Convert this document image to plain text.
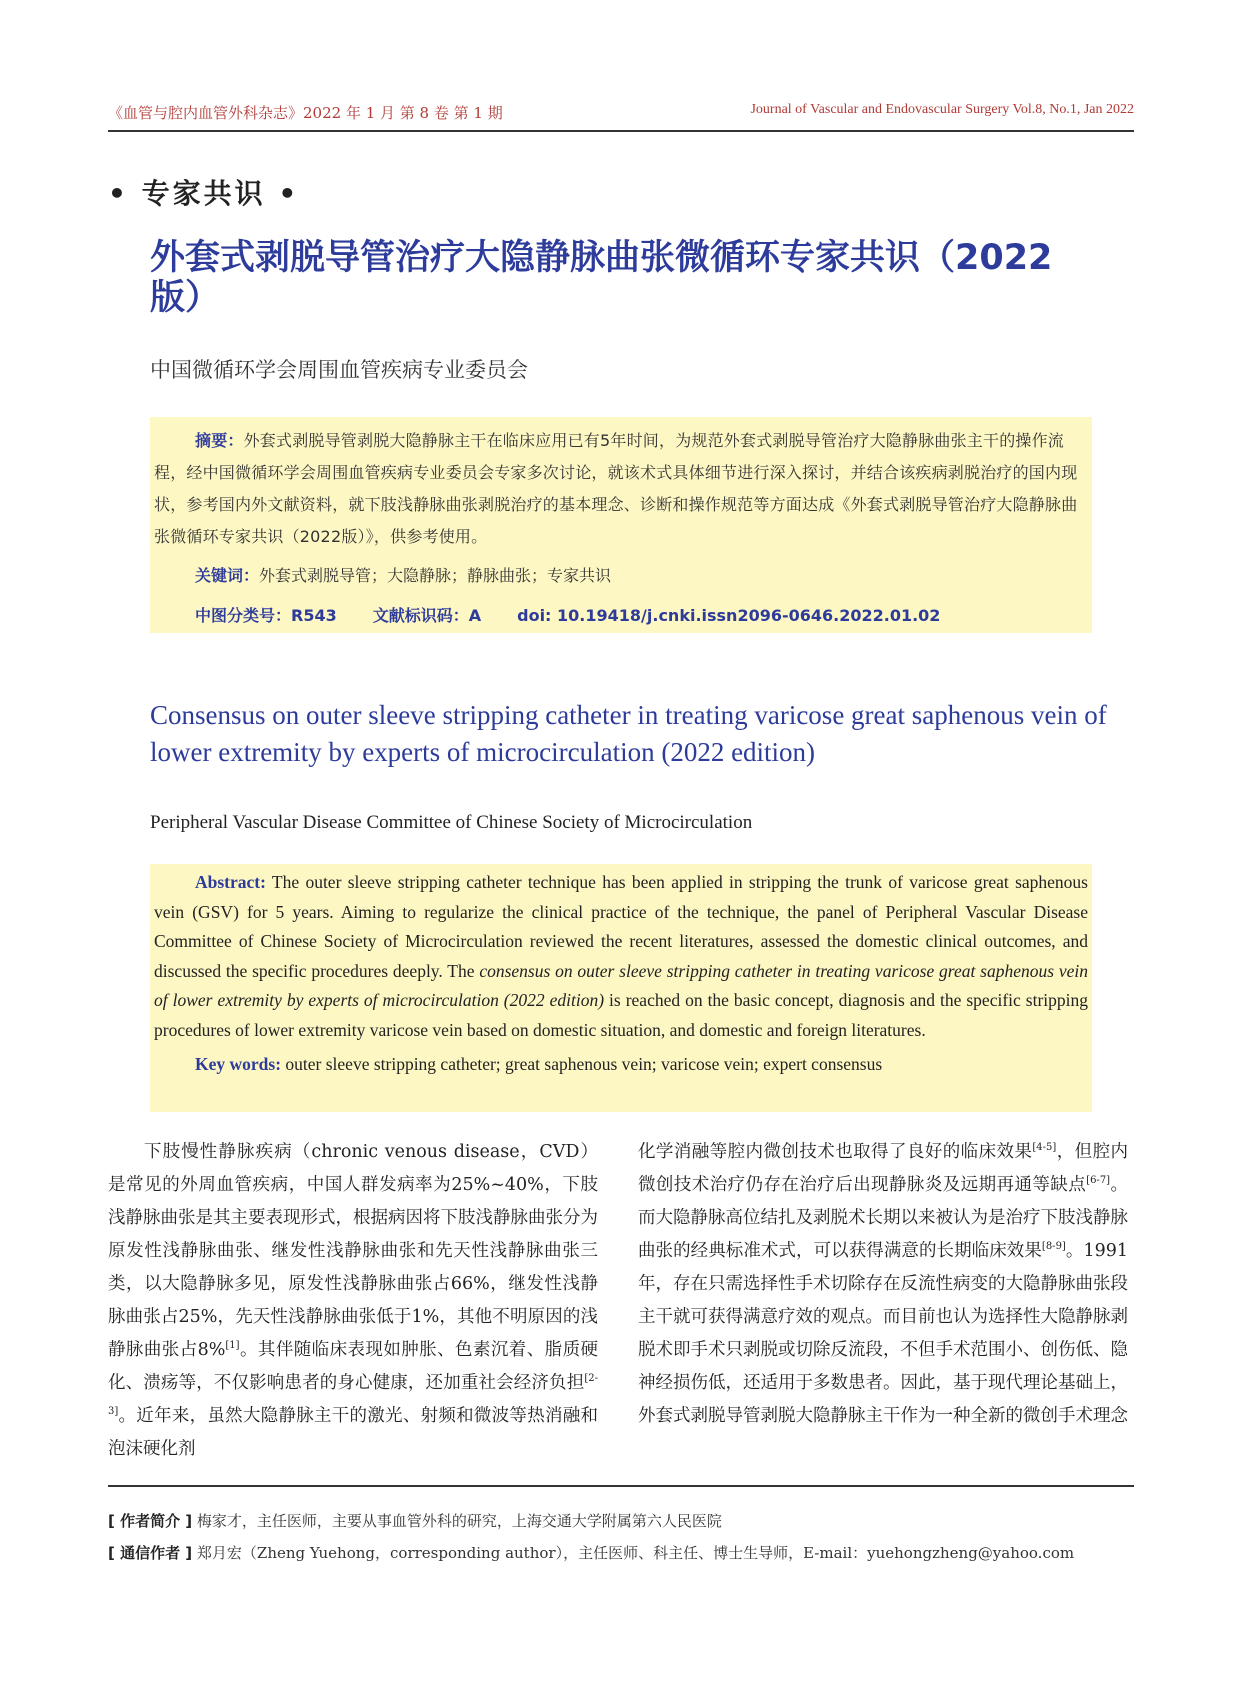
《血管与腔内血管外科杂志》2022 年 1 月 第 8 卷 第 1 期	Journal of Vascular and Endovascular Surgery Vol.8, No.1, Jan 2022
• 专家共识 •
外套式剥脱导管治疗大隐静脉曲张微循环专家共识（2022版）
中国微循环学会周围血管疾病专业委员会

摘要：外套式剥脱导管剥脱大隐静脉主干在临床应用已有5年时间，为规范外套式剥脱导管治疗大隐静脉曲张主干的操作流程，经中国微循环学会周围血管疾病专业委员会专家多次讨论，就该术式具体细节进行深入探讨，并结合该疾病剥脱治疗的国内现状，参考国内外文献资料，就下肢浅静脉曲张剥脱治疗的基本理念、诊断和操作规范等方面达成《外套式剥脱导管治疗大隐静脉曲张微循环专家共识（2022版）》，供参考使用。

关键词：外套式剥脱导管；大隐静脉；静脉曲张；专家共识

中图分类号：R543 文献标识码：A doi: 10.19418/j.cnki.issn2096-0646.2022.01.02

Consensus on outer sleeve stripping catheter in treating varicose great saphenous vein of lower extremity by experts of microcirculation (2022 edition)
Peripheral Vascular Disease Committee of Chinese Society of Microcirculation

Abstract: The outer sleeve stripping catheter technique has been applied in stripping the trunk of varicose great saphenous vein (GSV) for 5 years. Aiming to regularize the clinical practice of the technique, the panel of Peripheral Vascular Disease Committee of Chinese Society of Microcirculation reviewed the recent literatures, assessed the domestic clinical outcomes, and discussed the specific procedures deeply. The consensus on outer sleeve stripping catheter in treating varicose great saphenous vein of lower extremity by experts of microcirculation (2022 edition) is reached on the basic concept, diagnosis and the specific stripping procedures of lower extremity varicose vein based on domestic situation, and domestic and foreign literatures.

Key words: outer sleeve stripping catheter; great saphenous vein; varicose vein; expert consensus

下肢慢性静脉疾病（chronic venous disease，CVD）是常见的外周血管疾病，中国人群发病率为25%~40%，下肢浅静脉曲张是其主要表现形式，根据病因将下肢浅静脉曲张分为原发性浅静脉曲张、继发性浅静脉曲张和先天性浅静脉曲张三类，以大隐静脉多见，原发性浅静脉曲张占66%，继发性浅静脉曲张占25%，先天性浅静脉曲张低于1%，其他不明原因的浅静脉曲张占8%[1]。其伴随临床表现如肿胀、色素沉着、脂质硬化、溃疡等，不仅影响患者的身心健康，还加重社会经济负担[2-3]。近年来，虽然大隐静脉主干的激光、射频和微波等热消融和泡沫硬化剂
化学消融等腔内微创技术也取得了良好的临床效果[4-5]，但腔内微创技术治疗仍存在治疗后出现静脉炎及远期再通等缺点[6-7]。而大隐静脉高位结扎及剥脱术长期以来被认为是治疗下肢浅静脉曲张的经典标准术式，可以获得满意的长期临床效果[8-9]。1991年，存在只需选择性手术切除存在反流性病变的大隐静脉曲张段主干就可获得满意疗效的观点。而目前也认为选择性大隐静脉剥脱术即手术只剥脱或切除反流段，不但手术范围小、创伤低、隐神经损伤低，还适用于多数患者。因此，基于现代理论基础上，外套式剥脱导管剥脱大隐静脉主干作为一种全新的微创手术理念
[ 作者简介 ] 梅家才，主任医师，主要从事血管外科的研究，上海交通大学附属第六人民医院
[ 通信作者 ] 郑月宏（Zheng Yuehong，corresponding author），主任医师、科主任、博士生导师，E-mail：yuehongzheng@yahoo.com
